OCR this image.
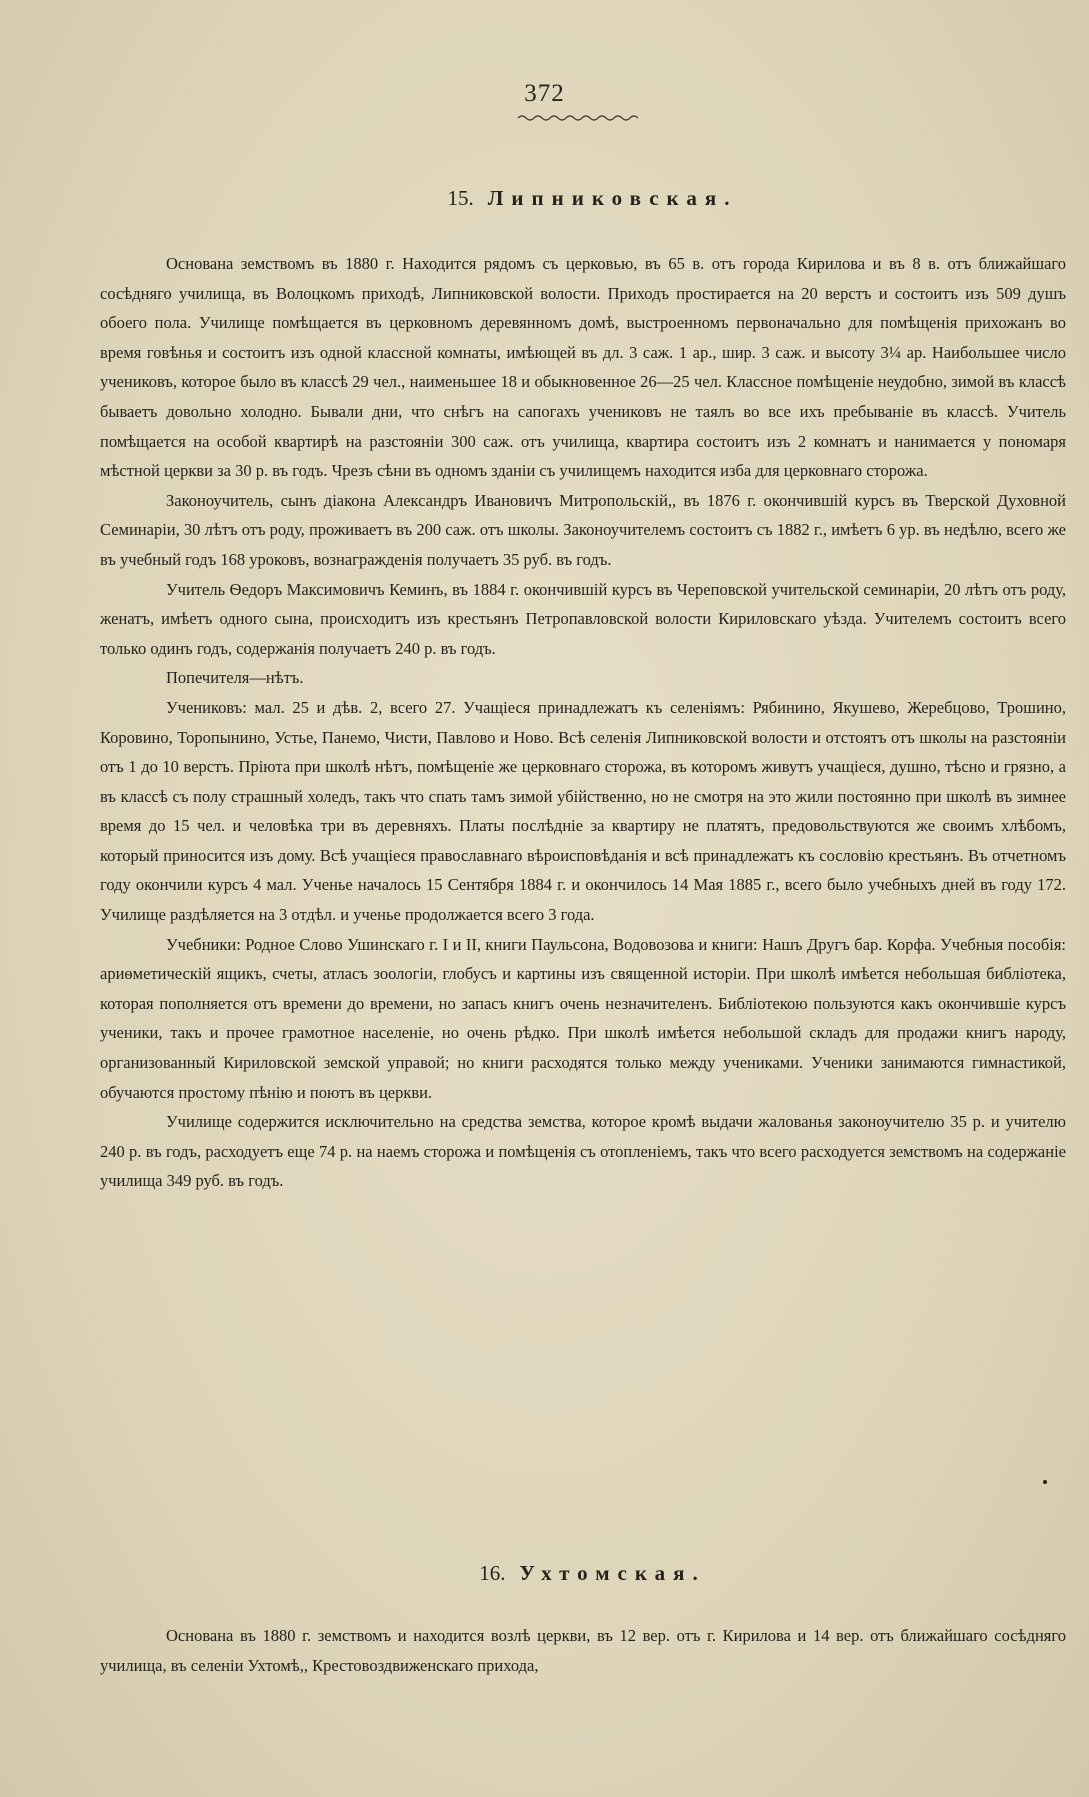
372
15. Липниковская.

Основана земствомъ въ 1880 г. Находится рядомъ съ церковью, въ 65 в. отъ города Кирилова и въ 8 в. отъ ближайшаго сосѣдняго училища, въ Волоцкомъ приходѣ, Липниковской волости. Приходъ простирается на 20 верстъ и состоитъ изъ 509 душъ обоего пола. Училище помѣщается въ церковномъ деревянномъ домѣ, выстроенномъ первоначально для помѣщенія прихожанъ во время говѣнья и состоитъ изъ одной классной комнаты, имѣющей въ дл. 3 саж. 1 ар., шир. 3 саж. и высоту 3¼ ар. Наибольшее число учениковъ, которое было въ классѣ 29 чел., наименьшее 18 и обыкновенное 26—25 чел. Классное помѣщеніе неудобно, зимой въ классѣ бываетъ довольно холодно. Бывали дни, что снѣгъ на сапогахъ учениковъ не таялъ во все ихъ пребываніе въ классѣ. Учитель помѣщается на особой квартирѣ на разстояніи 300 саж. отъ училища, квартира состоитъ изъ 2 комнатъ и нанимается у пономаря мѣстной церкви за 30 р. въ годъ. Чрезъ сѣни въ одномъ зданіи съ училищемъ находится изба для церковнаго сторожа.

Законоучитель, сынъ діакона Александръ Ивановичъ Митропольскій,, въ 1876 г. окончившій курсъ въ Тверской Духовной Семинаріи, 30 лѣтъ отъ роду, проживаетъ въ 200 саж. отъ школы. Законоучителемъ состоитъ съ 1882 г., имѣетъ 6 ур. въ недѣлю, всего же въ учебный годъ 168 уроковъ, вознагражденія получаетъ 35 руб. въ годъ.

Учитель Ѳедоръ Максимовичъ Кеминъ, въ 1884 г. окончившій курсъ въ Череповской учительской семинаріи, 20 лѣтъ отъ роду, женатъ, имѣетъ одного сына, происходитъ изъ крестьянъ Петропавловской волости Кириловскаго уѣзда. Учителемъ состоитъ всего только одинъ годъ, содержанія получаетъ 240 р. въ годъ.

Попечителя—нѣтъ.

Учениковъ: мал. 25 и дѣв. 2, всего 27. Учащіеся принадлежатъ къ селеніямъ: Рябинино, Якушево, Жеребцово, Трошино, Коровино, Торопынино, Устье, Панемо, Чисти, Павлово и Ново. Всѣ селенія Липниковской волости и отстоятъ отъ школы на разстояніи отъ 1 до 10 верстъ. Пріюта при школѣ нѣтъ, помѣщеніе же церковнаго сторожа, въ которомъ живутъ учащіеся, душно, тѣсно и грязно, а въ классѣ съ полу страшный холедъ, такъ что спать тамъ зимой убійственно, но не смотря на это жили постоянно при школѣ въ зимнее время до 15 чел. и человѣка три въ деревняхъ. Платы послѣдніе за квартиру не платятъ, предовольствуются же своимъ хлѣбомъ, который приносится изъ дому. Всѣ учащіеся православнаго вѣроисповѣданія и всѣ принадлежатъ къ сословію крестьянъ. Въ отчетномъ году окончили курсъ 4 мал. Ученье началось 15 Сентября 1884 г. и окончилось 14 Мая 1885 г., всего было учебныхъ дней въ году 172. Училище раздѣляется на 3 отдѣл. и ученье продолжается всего 3 года.

Учебники: Родное Слово Ушинскаго г. I и II, книги Паульсона, Водовозова и книги: Нашъ Другъ бар. Корфа. Учебныя пособія: ариѳметическій ящикъ, счеты, атласъ зоологіи, глобусъ и картины изъ священной исторіи. При школѣ имѣется небольшая библіотека, которая пополняется отъ времени до времени, но запасъ книгъ очень незначителенъ. Библіотекою пользуются какъ окончившіе курсъ ученики, такъ и прочее грамотное населеніе, но очень рѣдко. При школѣ имѣется небольшой складъ для продажи книгъ народу, организованный Кириловской земской управой; но книги расходятся только между учениками. Ученики занимаются гимнастикой, обучаются простому пѣнію и поютъ въ церкви.

Училище содержится исключительно на средства земства, которое кромѣ выдачи жалованья законоучителю 35 р. и учителю 240 р. въ годъ, расходуетъ еще 74 р. на наемъ сторожа и помѣщенія съ отопленіемъ, такъ что всего расходуется земствомъ на содержаніе училища 349 руб. въ годъ.

16. Ухтомская.

Основана въ 1880 г. земствомъ и находится возлѣ церкви, въ 12 вер. отъ г. Кирилова и 14 вер. отъ ближайшаго сосѣдняго училища, въ селеніи Ухтомѣ,, Крестовоздвиженскаго прихода,
